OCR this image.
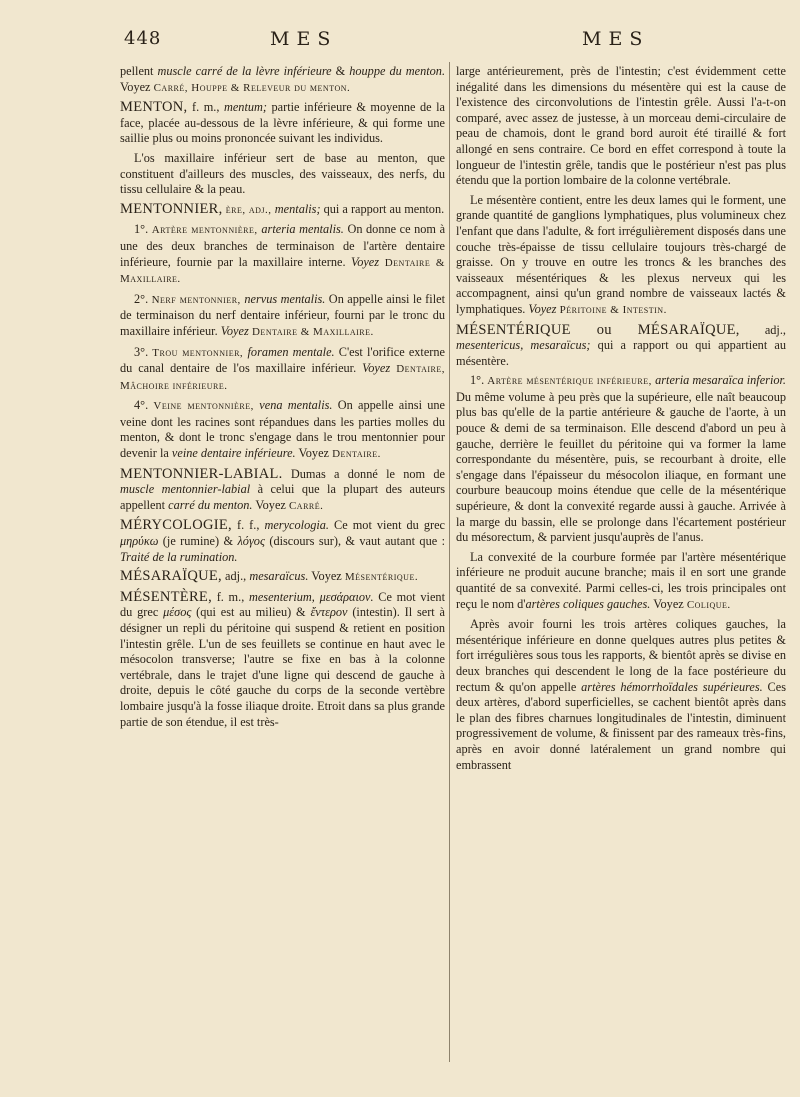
448	MES	MES

pellent muscle carré de la lèvre inférieure & houppe du menton. Voyez Carré, Houppe & Releveur du menton.

MENTON, f. m., mentum; partie inférieure & moyenne de la face, placée au-dessous de la lèvre inférieure, & qui forme une saillie plus ou moins prononcée suivant les individus.

L'os maxillaire inférieur sert de base au menton, que constituent d'ailleurs des muscles, des vaisseaux, des nerfs, du tissu cellulaire & la peau.

MENTONNIER, ère, adj., mentalis; qui a rapport au menton.

1°. Artère mentonnière, arteria mentalis. On donne ce nom à une des deux branches de terminaison de l'artère dentaire inférieure, fournie par la maxillaire interne. Voyez Dentaire & Maxillaire.

2°. Nerf mentonnier, nervus mentalis. On appelle ainsi le filet de terminaison du nerf dentaire inférieur, fourni par le tronc du maxillaire inférieur. Voyez Dentaire & Maxillaire.

3°. Trou mentonnier, foramen mentale. C'est l'orifice externe du canal dentaire de l'os maxillaire inférieur. Voyez Dentaire, Mâchoire inférieure.

4°. Veine mentonnière, vena mentalis. On appelle ainsi une veine dont les racines sont répandues dans les parties molles du menton, & dont le tronc s'engage dans le trou mentonnier pour devenir la veine dentaire inférieure. Voyez Dentaire.

MENTONNIER-LABIAL. Dumas a donné le nom de muscle mentonnier-labial à celui que la plupart des auteurs appellent carré du menton. Voyez Carré.

MÉRYCOLOGIE, f. f., merycologia. Ce mot vient du grec μηρύκω (je rumine) & λόγος (discours sur), & vaut autant que : Traité de la rumination.

MÉSARAÏQUE, adj., mesaraïcus. Voyez Mésentérique.

MÉSENTÈRE, f. m., mesenterium, μεσάραιον. Ce mot vient du grec μέσος (qui est au milieu) & ἔντερον (intestin). Il sert à désigner un repli du péritoine qui suspend & retient en position l'intestin grêle. L'un de ses feuillets se continue en haut avec le mésocolon transverse; l'autre se fixe en bas à la colonne vertébrale, dans le trajet d'une ligne qui descend de gauche à droite, depuis le côté gauche du corps de la seconde vertèbre lombaire jusqu'à la fosse iliaque droite. Etroit dans sa plus grande partie de son étendue, il est très-

large antérieurement, près de l'intestin; c'est évidemment cette inégalité dans les dimensions du mésentère qui est la cause de l'existence des circonvolutions de l'intestin grêle. Aussi l'a-t-on comparé, avec assez de justesse, à un morceau demi-circulaire de peau de chamois, dont le grand bord auroit été tiraillé & fort allongé en sens contraire. Ce bord en effet correspond à toute la longueur de l'intestin grêle, tandis que le postérieur n'est pas plus étendu que la portion lombaire de la colonne vertébrale.

Le mésentère contient, entre les deux lames qui le forment, une grande quantité de ganglions lymphatiques, plus volumineux chez l'enfant que dans l'adulte, & fort irrégulièrement disposés dans une couche très-épaisse de tissu cellulaire toujours très-chargé de graisse. On y trouve en outre les troncs & les branches des vaisseaux mésentériques & les plexus nerveux qui les accompagnent, ainsi qu'un grand nombre de vaisseaux lactés & lymphatiques. Voyez Péritoine & Intestin.

MÉSENTÉRIQUE ou MÉSARAÏQUE, adj., mesentericus, mesaraïcus; qui a rapport ou qui appartient au mésentère.

1°. Artère mésentérique inférieure, arteria mesaraïca inferior. Du même volume à peu près que la supérieure, elle naît beaucoup plus bas qu'elle de la partie antérieure & gauche de l'aorte, à un pouce & demi de sa terminaison. Elle descend d'abord un peu à gauche, derrière le feuillet du péritoine qui va former la lame correspondante du mésentère, puis, se recourbant à droite, elle s'engage dans l'épaisseur du mésocolon iliaque, en formant une courbure beaucoup moins étendue que celle de la mésentérique supérieure, & dont la convexité regarde aussi à gauche. Arrivée à la marge du bassin, elle se prolonge dans l'écartement postérieur du mésorectum, & parvient jusqu'auprès de l'anus.

La convexité de la courbure formée par l'artère mésentérique inférieure ne produit aucune branche; mais il en sort une grande quantité de sa convexité. Parmi celles-ci, les trois principales ont reçu le nom d'artères coliques gauches. Voyez Colique.

Après avoir fourni les trois artères coliques gauches, la mésentérique inférieure en donne quelques autres plus petites & fort irrégulières sous tous les rapports, & bientôt après se divise en deux branches qui descendent le long de la face postérieure du rectum & qu'on appelle artères hémorrhoïdales supérieures. Ces deux artères, d'abord superficielles, se cachent bientôt après dans le plan des fibres charnues longitudinales de l'intestin, diminuent progressivement de volume, & finissent par des rameaux très-fins, après en avoir donné latéralement un grand nombre qui embrassent
